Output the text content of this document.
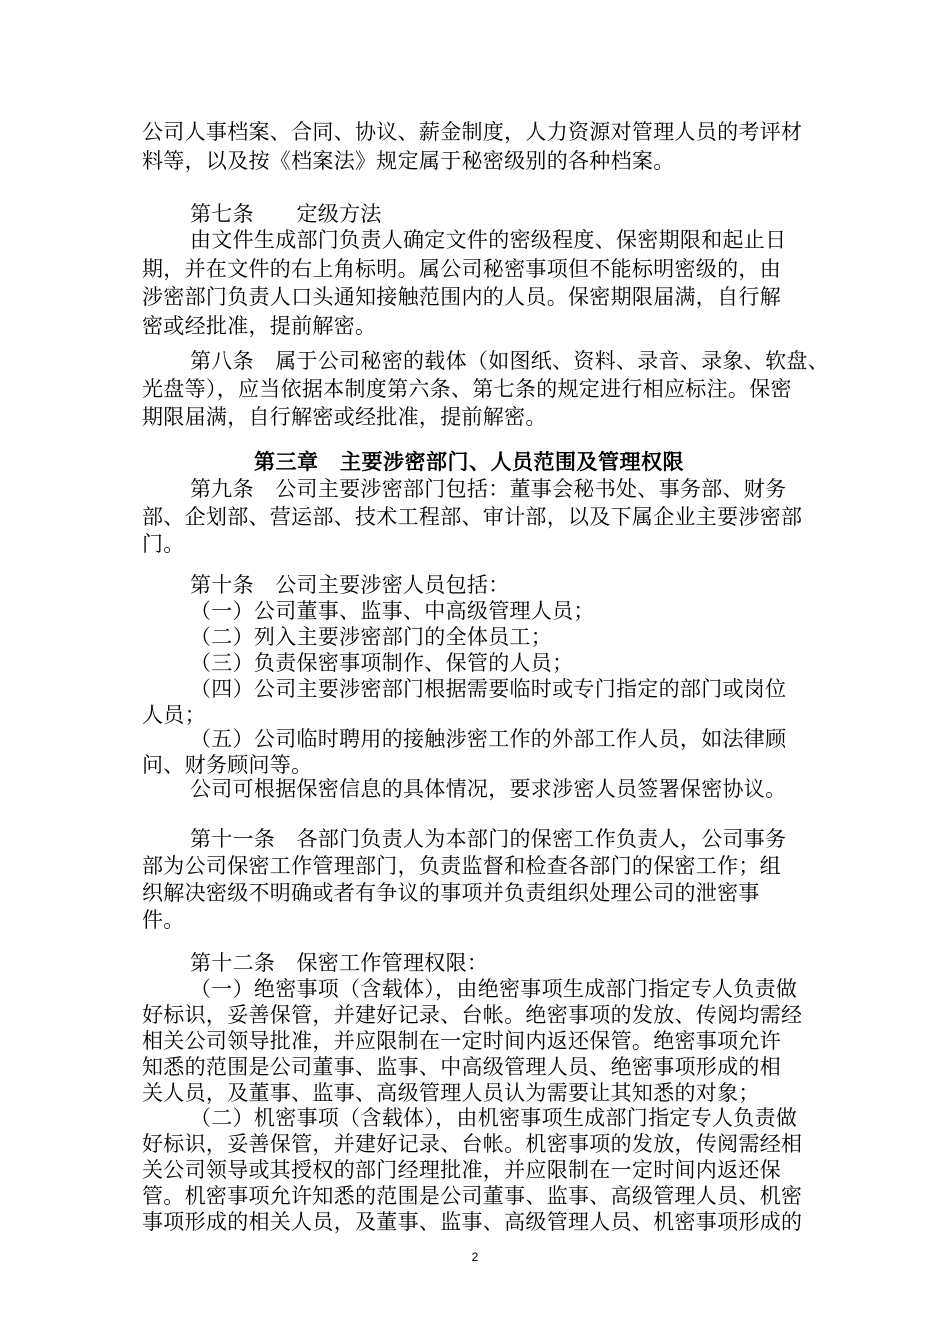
公司人事档案、合同、协议、薪金制度，人力资源对管理人员的考评材
料等，以及按《档案法》规定属于秘密级别的各种档案。
第七条　　定级方法
由文件生成部门负责人确定文件的密级程度、保密期限和起止日
期，并在文件的右上角标明。属公司秘密事项但不能标明密级的，由
涉密部门负责人口头通知接触范围内的人员。保密期限届满，自行解
密或经批准，提前解密。
第八条　属于公司秘密的载体（如图纸、资料、录音、录象、软盘、
光盘等），应当依据本制度第六条、第七条的规定进行相应标注。保密
期限届满，自行解密或经批准，提前解密。
第三章　主要涉密部门、人员范围及管理权限
第九条　公司主要涉密部门包括：董事会秘书处、事务部、财务
部、企划部、营运部、技术工程部、审计部，以及下属企业主要涉密部
门。
第十条　公司主要涉密人员包括：
（一）公司董事、监事、中高级管理人员；
（二）列入主要涉密部门的全体员工；
（三）负责保密事项制作、保管的人员；
（四）公司主要涉密部门根据需要临时或专门指定的部门或岗位
人员；
（五）公司临时聘用的接触涉密工作的外部工作人员，如法律顾
问、财务顾问等。
公司可根据保密信息的具体情况，要求涉密人员签署保密协议。
第十一条　各部门负责人为本部门的保密工作负责人，公司事务
部为公司保密工作管理部门，负责监督和检查各部门的保密工作；组
织解决密级不明确或者有争议的事项并负责组织处理公司的泄密事
件。
第十二条　保密工作管理权限：
（一）绝密事项（含载体），由绝密事项生成部门指定专人负责做
好标识，妥善保管，并建好记录、台帐。绝密事项的发放、传阅均需经
相关公司领导批准，并应限制在一定时间内返还保管。绝密事项允许
知悉的范围是公司董事、监事、中高级管理人员、绝密事项形成的相
关人员，及董事、监事、高级管理人员认为需要让其知悉的对象；
（二）机密事项（含载体），由机密事项生成部门指定专人负责做
好标识，妥善保管，并建好记录、台帐。机密事项的发放，传阅需经相
关公司领导或其授权的部门经理批准，并应限制在一定时间内返还保
管。机密事项允许知悉的范围是公司董事、监事、高级管理人员、机密
事项形成的相关人员，及董事、监事、高级管理人员、机密事项形成的
2
